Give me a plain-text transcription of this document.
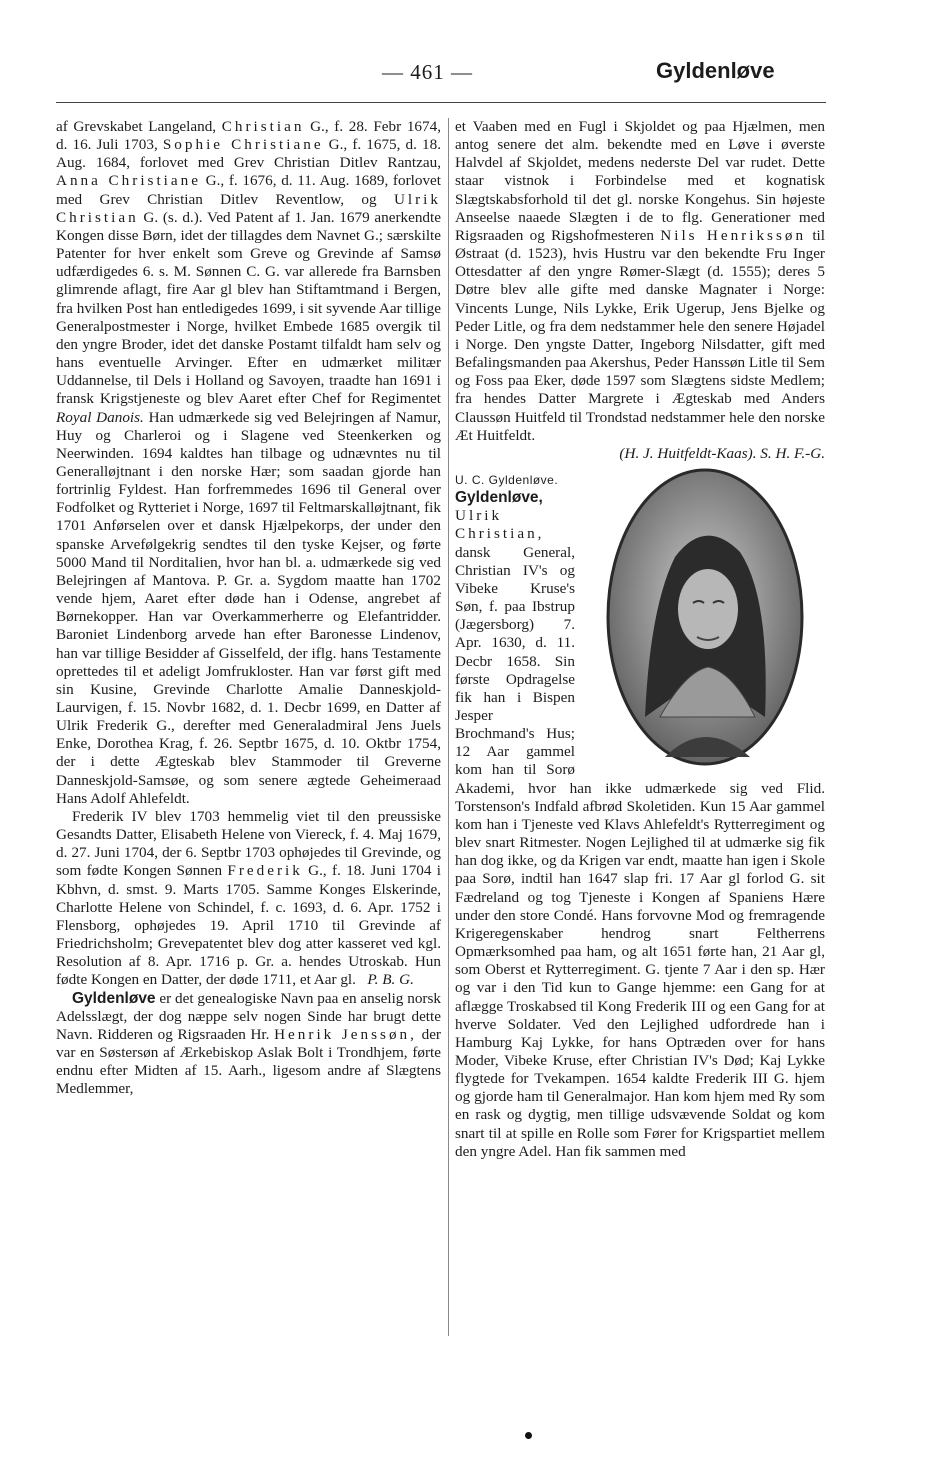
— 461 —	Gyldenløve

af Grevskabet Langeland, Christian G., f. 28. Febr 1674, d. 16. Juli 1703, Sophie Christiane G., f. 1675, d. 18. Aug. 1684, forlovet med Grev Christian Ditlev Rantzau, Anna Christiane G., f. 1676, d. 11. Aug. 1689, forlovet med Grev Christian Ditlev Reventlow, og Ulrik Christian G. (s. d.). Ved Patent af 1. Jan. 1679 anerkendte Kongen disse Børn, idet der tillagdes dem Navnet G.; særskilte Patenter for hver enkelt som Greve og Grevinde af Samsø udfærdigedes 6. s. M. Sønnen C. G. var allerede fra Barnsben glimrende aflagt, fire Aar gl blev han Stiftamtmand i Bergen, fra hvilken Post han entledigedes 1699, i sit syvende Aar tillige Generalpostmester i Norge, hvilket Embede 1685 overgik til den yngre Broder, idet det danske Postamt tilfaldt ham selv og hans eventuelle Arvinger. Efter en udmærket militær Uddannelse, til Dels i Holland og Savoyen, traadte han 1691 i fransk Krigstjeneste og blev Aaret efter Chef for Regimentet Royal Danois. Han udmærkede sig ved Belejringen af Namur, Huy og Charleroi og i Slagene ved Steenkerken og Neerwinden. 1694 kaldtes han tilbage og udnævntes nu til Generalløjtnant i den norske Hær; som saadan gjorde han fortrinlig Fyldest. Han forfremmedes 1696 til General over Fodfolket og Rytteriet i Norge, 1697 til Feltmarskalløjtnant, fik 1701 Anførselen over et dansk Hjælpekorps, der under den spanske Arvefølgekrig sendtes til den tyske Kejser, og førte 5000 Mand til Norditalien, hvor han bl. a. udmærkede sig ved Belejringen af Mantova. P. Gr. a. Sygdom maatte han 1702 vende hjem, Aaret efter døde han i Odense, angrebet af Børnekopper. Han var Overkammerherre og Elefantridder. Baroniet Lindenborg arvede han efter Baronesse Lindenov, han var tillige Besidder af Gisselfeld, der iflg. hans Testamente oprettedes til et adeligt Jomfrukloster. Han var først gift med sin Kusine, Grevinde Charlotte Amalie Danneskjold-Laurvigen, f. 15. Novbr 1682, d. 1. Decbr 1699, en Datter af Ulrik Frederik G., derefter med Generaladmiral Jens Juels Enke, Dorothea Krag, f. 26. Septbr 1675, d. 10. Oktbr 1754, der i dette Ægteskab blev Stammoder til Greverne Danneskjold-Samsøe, og som senere ægtede Geheimeraad Hans Adolf Ahlefeldt.

Frederik IV blev 1703 hemmelig viet til den preussiske Gesandts Datter, Elisabeth Helene von Viereck, f. 4. Maj 1679, d. 27. Juni 1704, der 6. Septbr 1703 ophøjedes til Grevinde, og som fødte Kongen Sønnen Frederik G., f. 18. Juni 1704 i Kbhvn, d. smst. 9. Marts 1705. Samme Konges Elskerinde, Charlotte Helene von Schindel, f. c. 1693, d. 6. Apr. 1752 i Flensborg, ophøjedes 19. April 1710 til Grevinde af Friedrichsholm; Grevepatentet blev dog atter kasseret ved kgl. Resolution af 8. Apr. 1716 p. Gr. a. hendes Utroskab. Hun fødte Kongen en Datter, der døde 1711, et Aar gl. P. B. G.

Gyldenløve er det genealogiske Navn paa en anselig norsk Adelsslægt, der dog næppe selv nogen Sinde har brugt dette Navn. Ridderen og Rigsraaden Hr. Henrik Jenssøn, der var en Søstersøn af Ærkebiskop Aslak Bolt i Trondhjem, førte endnu efter Midten af 15. Aarh., ligesom andre af Slægtens Medlemmer,

et Vaaben med en Fugl i Skjoldet og paa Hjælmen, men antog senere det alm. bekendte med en Løve i øverste Halvdel af Skjoldet, medens nederste Del var rudet. Dette staar vistnok i Forbindelse med et kognatisk Slægtskabsforhold til det gl. norske Kongehus. Sin højeste Anseelse naaede Slægten i de to flg. Generationer med Rigsraaden og Rigshofmesteren Nils Henrikssøn til Østraat (d. 1523), hvis Hustru var den bekendte Fru Inger Ottesdatter af den yngre Rømer-Slægt (d. 1555); deres 5 Døtre blev alle gifte med danske Magnater i Norge: Vincents Lunge, Nils Lykke, Erik Ugerup, Jens Bjelke og Peder Litle, og fra dem nedstammer hele den senere Højadel i Norge. Den yngste Datter, Ingeborg Nilsdatter, gift med Befalingsmanden paa Akershus, Peder Hanssøn Litle til Sem og Foss paa Eker, døde 1597 som Slægtens sidste Medlem; fra hendes Datter Margrete i Ægteskab med Anders Claussøn Huitfeld til Trondstad nedstammer hele den norske Æt Huitfeldt.

(H. J. Huitfeldt-Kaas). S. H. F.-G.

U. C. Gyldenløve.
Gyldenløve, Ulrik Christian, dansk General, Christian IV's og Vibeke Kruse's Søn, f. paa Ibstrup (Jægersborg) 7. Apr. 1630, d. 11. Decbr 1658. Sin første Opdragelse fik han i Bispen Jesper Brochmand's Hus; 12 Aar gammel kom han til Sorø Akademi, hvor han ikke udmærkede sig ved Flid. Torstenson's Indfald afbrød Skoletiden. Kun 15 Aar gammel kom han i Tjeneste ved Klavs Ahlefeldt's Rytterregiment og blev snart Ritmester. Nogen Lejlighed til at udmærke sig fik han dog ikke, og da Krigen var endt, maatte han igen i Skole paa Sorø, indtil han 1647 slap fri. 17 Aar gl forlod G. sit Fædreland og tog Tjeneste i Kongen af Spaniens Hære under den store Condé. Hans forvovne Mod og fremragende Krigeregenskaber hendrog snart Feltherrens Opmærksomhed paa ham, og alt 1651 førte han, 21 Aar gl, som Oberst et Rytterregiment. G. tjente 7 Aar i den sp. Hær og var i den Tid kun to Gange hjemme: een Gang for at aflægge Troskabsed til Kong Frederik III og een Gang for at hverve Soldater. Ved den Lejlighed udfordrede han i Hamburg Kaj Lykke, for hans Optræden over for hans Moder, Vibeke Kruse, efter Christian IV's Død; Kaj Lykke flygtede for Tvekampen. 1654 kaldte Frederik III G. hjem og gjorde ham til Generalmajor. Han kom hjem med Ry som en rask og dygtig, men tillige udsvævende Soldat og kom snart til at spille en Rolle som Fører for Krigspartiet mellem den yngre Adel. Han fik sammen med
